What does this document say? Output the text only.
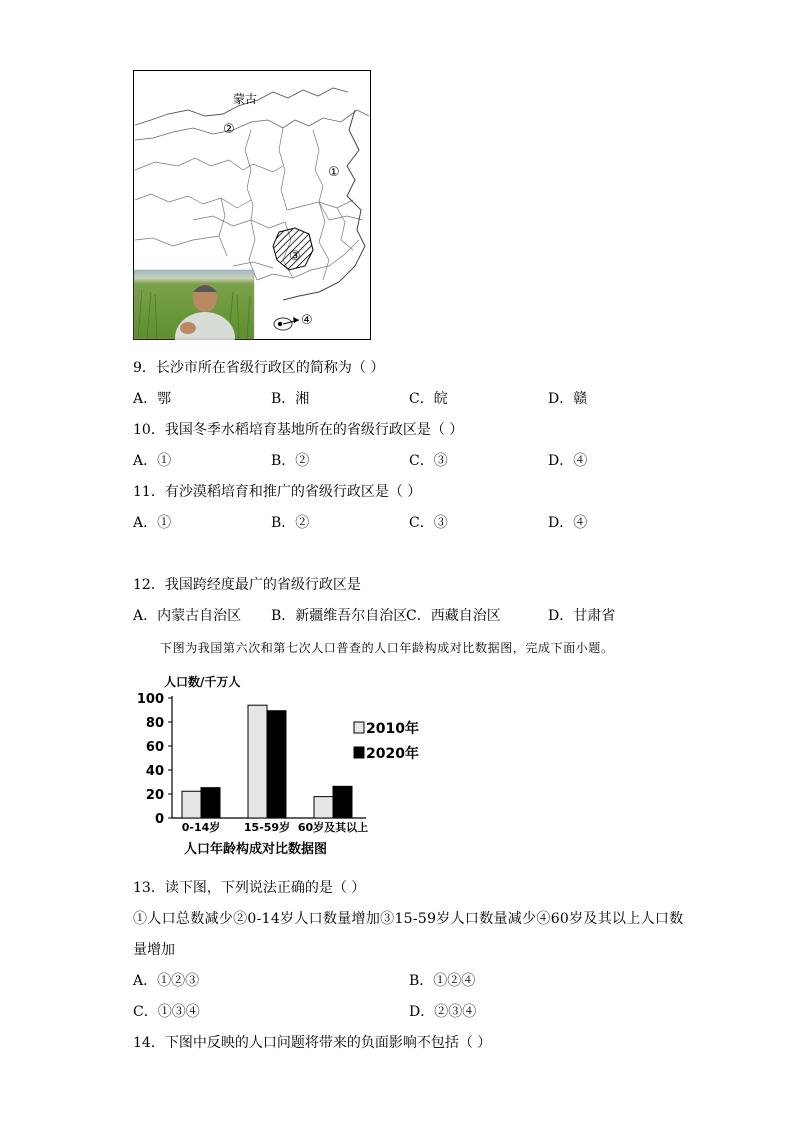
蒙古
②
①
③
④
9．长沙市所在省级行政区的简称为（ ）
A．鄂	B．湘	C．皖	D．赣
10．我国冬季水稻培育基地所在的省级行政区是（ ）
A．①	B．②	C．③	D．④
11．有沙漠稻培育和推广的省级行政区是（ ）
A．①	B．②	C．③	D．④
12．我国跨经度最广的省级行政区是
A．内蒙古自治区 B．新疆维吾尔自治区
C．西藏自治区	D．甘肃省
下图为我国第六次和第七次人口普查的人口年龄构成对比数据图，完成下面小题。
人口数/千万人
0
20
40
60
80
100
0-14岁 15-59岁 60岁及其以上
2010年
2020年
人口年龄构成对比数据图
13．读下图，下列说法正确的是（ ）
①人口总数减少②0-14岁人口数量增加③15-59岁人口数量减少④60岁及其以上人口数
量增加
A．①②③	B．①②④
C．①③④	D．②③④
14．下图中反映的人口问题将带来的负面影响不包括（ ）
